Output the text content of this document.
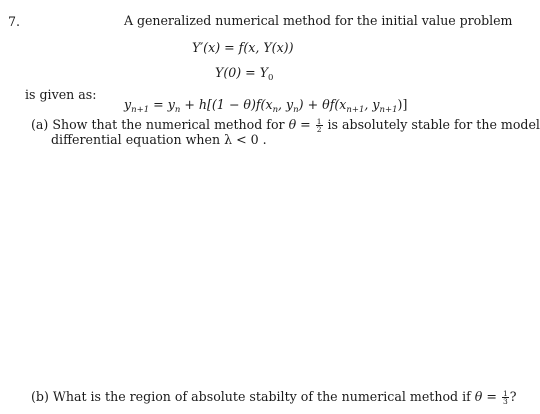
7.	A generalized numerical method for the initial value problem
Y′(x) = f(x, Y(x))
$Y(0) = Y_0$
is given as:
$y_{n+1} = y_n + h[(1 - \theta)f(x_n$, $y_n) + \theta f(x_{n+1}$, $y_{n+1}$)]
(a) Show that the numerical method for $\theta = \frac{1}{2}$ is absolutely stable for the model
differential equation when λ < 0 .
(b) What is the region of absolute stabilty of the numerical method if $\theta = \frac{1}{3}$ ?
